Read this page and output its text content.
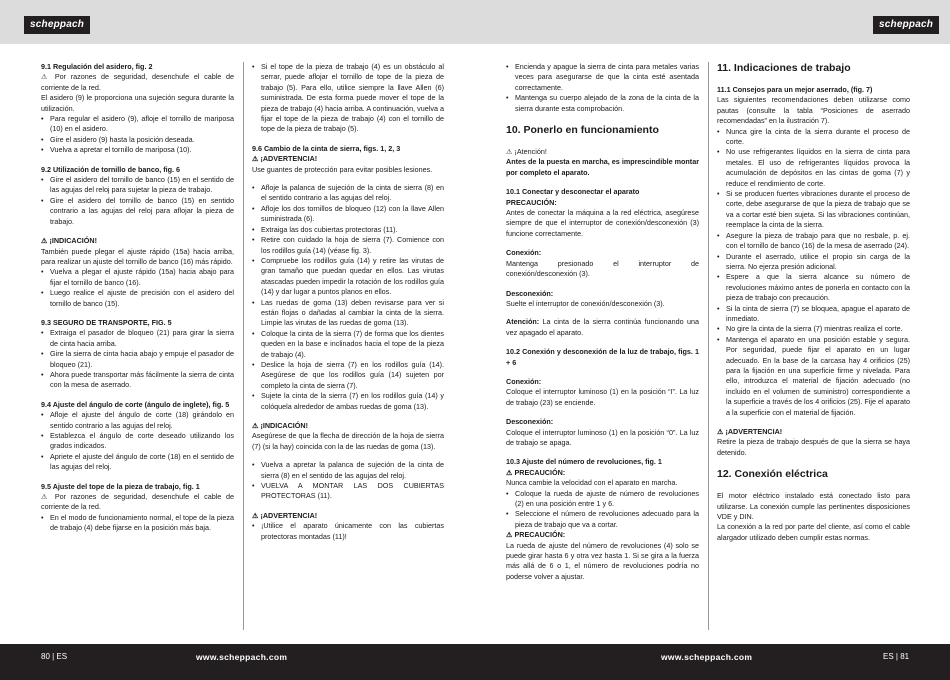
scheppach	scheppach

9.1 Regulación del asidero, fig. 2

⚠ Por razones de seguridad, desenchufe el cable de corriente de la red.

El asidero (9) le proporciona una sujeción segura durante la utilización.

• Para regular el asidero (9), afloje el tornillo de mariposa (10) en el asidero.
• Gire el asidero (9) hasta la posición deseada.
• Vuelva a apretar el tornillo de mariposa (10).

9.2 Utilización de tornillo de banco, fig. 6

• Gire el asidero del tornillo de banco (15) en el sentido de las agujas del reloj para sujetar la pieza de trabajo.
• Gire el asidero del tornillo de banco (15) en sentido contrario a las agujas del reloj para aflojar la pieza de trabajo.

⚠ ¡INDICACIÓN!

También puede plegar el ajuste rápido (15a) hacia arriba, para realizar un ajuste del tornillo de banco (16) más rápido.

• Vuelva a plegar el ajuste rápido (15a) hacia abajo para fijar el tornillo de banco (16).
• Luego realice el ajuste de precisión con el asidero del tornillo de banco (15).

9.3 SEGURO DE TRANSPORTE, FIG. 5

• Extraiga el pasador de bloqueo (21) para girar la sierra de cinta hacia arriba.
• Gire la sierra de cinta hacia abajo y empuje el pasador de bloqueo (21).
• Ahora puede transportar más fácilmente la sierra de cinta con la mesa de aserrado.

9.4 Ajuste del ángulo de corte (ángulo de inglete), fig. 5

• Afloje el ajuste del ángulo de corte (18) girándolo en sentido contrario a las agujas del reloj.
• Establezca el ángulo de corte deseado utilizando los grados indicados.
• Apriete el ajuste del ángulo de corte (18) en el sentido de las agujas del reloj.

9.5 Ajuste del tope de la pieza de trabajo, fig. 1

⚠ Por razones de seguridad, desenchufe el cable de corriente de la red.

• En el modo de funcionamiento normal, el tope de la pieza de trabajo (4) debe fijarse en la posición más baja.
• Si el tope de la pieza de trabajo (4) es un obstáculo al serrar, puede aflojar el tornillo de tope de la pieza de trabajo (5). Para ello, utilice siempre la llave Allen (6) suministrada. De esta forma puede mover el tope de la pieza de trabajo (4) hacia arriba. A continuación, vuelva a fijar el tope de la pieza de trabajo (4) con el tornillo de tope de la pieza de trabajo (5).

9.6 Cambio de la cinta de sierra, figs. 1, 2, 3

⚠ ¡ADVERTENCIA!

Use guantes de protección para evitar posibles lesiones.

• Afloje la palanca de sujeción de la cinta de sierra (8) en el sentido contrario a las agujas del reloj.
• Afloje los dos tornillos de bloqueo (12) con la llave Allen suministrada (6).
• Extraiga las dos cubiertas protectoras (11).
• Retire con cuidado la hoja de sierra (7). Comience con los rodillos guía (14) (véase fig. 3).
• Compruebe los rodillos guía (14) y retire las virutas de gran tamaño que puedan quedar en ellos. Las virutas atascadas pueden impedir la rotación de los rodillos guía (14) y dar lugar a puntos planos en ellos.
• Las ruedas de goma (13) deben revisarse para ver si están flojas o dañadas al cambiar la cinta de la sierra. Limpie las virutas de las ruedas de goma (13).
• Coloque la cinta de la sierra (7) de forma que los dientes queden en la base e inclinados hacia el tope de la pieza de trabajo (4).
• Deslice la hoja de sierra (7) en los rodillos guía (14). Asegúrese de que los rodillos guía (14) sujeten por completo la cinta de sierra (7).
• Sujete la cinta de la sierra (7) en los rodillos guía (14) y colóquela alrededor de ambas ruedas de goma (13).

⚠ ¡INDICACIÓN!

Asegúrese de que la flecha de dirección de la hoja de sierra (7) (si la hay) coincida con la de las ruedas de goma (13).

• Vuelva a apretar la palanca de sujeción de la cinta de sierra (8) en el sentido de las agujas del reloj.
• VUELVA A MONTAR LAS DOS CUBIERTAS PROTECTORAS (11).

⚠ ¡ADVERTENCIA!

• ¡Utilice el aparato únicamente con las cubiertas protectoras montadas (11)!
• Encienda y apague la sierra de cinta para metales varias veces para asegurarse de que la cinta esté asentada correctamente.
• Mantenga su cuerpo alejado de la zona de la cinta de la sierra durante esta comprobación.

10. Ponerlo en funcionamiento

⚠ ¡Atención!

Antes de la puesta en marcha, es imprescindible montar por completo el aparato.

10.1 Conectar y desconectar el aparato

PRECAUCIÓN:

Antes de conectar la máquina a la red eléctrica, asegúrese siempre de que el interruptor de conexión/desconexión (3) funcione correctamente.

Conexión:

Mantenga presionado el interruptor de conexión/desconexión (3).

Desconexión:

Suelte el interruptor de conexión/desconexión (3).

Atención: La cinta de la sierra continúa funcionando una vez apagado el aparato.

10.2 Conexión y desconexión de la luz de trabajo, figs. 1 + 6

Conexión:

Coloque el interruptor luminoso (1) en la posición “I”. La luz de trabajo (23) se enciende.

Desconexión:

Coloque el interruptor luminoso (1) en la posición “0”. La luz de trabajo se apaga.

10.3 Ajuste del número de revoluciones, fig. 1

⚠ PRECAUCIÓN:

Nunca cambie la velocidad con el aparato en marcha.

• Coloque la rueda de ajuste de número de revoluciones (2) en una posición entre 1 y 6.
• Seleccione el número de revoluciones adecuado para la pieza de trabajo que va a cortar.

⚠ PRECAUCIÓN:

La rueda de ajuste del número de revoluciones (4) solo se puede girar hasta 6 y otra vez hasta 1. Si se gira a la fuerza más allá de 6 o 1, el número de revoluciones podría no poderse volver a ajustar.

11. Indicaciones de trabajo

11.1 Consejos para un mejor aserrado, (fig. 7)

Las siguientes recomendaciones deben utilizarse como pautas (consulte la tabla “Posiciones de aserrado recomendadas” en la ilustración 7).

• Nunca gire la cinta de la sierra durante el proceso de corte.
• No use refrigerantes líquidos en la sierra de cinta para metales. El uso de refrigerantes líquidos provoca la acumulación de depósitos en las cintas de goma (7) y reduce el rendimiento de corte.
• Si se producen fuertes vibraciones durante el proceso de corte, debe asegurarse de que la pieza de trabajo que se va a cortar esté bien sujeta. Si las vibraciones continúan, reemplace la cinta de la sierra.
• Asegure la pieza de trabajo para que no resbale, p. ej. con el tornillo de banco (16) de la mesa de aserrado (24).
• Durante el aserrado, utilice el propio sin carga de la sierra. No ejerza presión adicional.
• Espere a que la sierra alcance su número de revoluciones máximo antes de ponerla en contacto con la pieza de trabajo con precaución.
• Si la cinta de sierra (7) se bloquea, apague el aparato de inmediato.
• No gire la cinta de la sierra (7) mientras realiza el corte.
• Mantenga el aparato en una posición estable y segura. Por seguridad, puede fijar el aparato en un lugar adecuado. En la base de la carcasa hay 4 orificios (25) para la fijación en una superficie firme y nivelada. Para ello, introduzca el material de fijación adecuado (no incluido en el volumen de suministro) correspondiente a la superficie a través de los 4 orificios (25). Fije el aparato a la superficie con el material de fijación.

⚠ ¡ADVERTENCIA!

Retire la pieza de trabajo después de que la sierra se haya detenido.

12. Conexión eléctrica

El motor eléctrico instalado está conectado listo para utilizarse. La conexión cumple las pertinentes disposiciones VDE y DIN.

La conexión a la red por parte del cliente, así como el cable alargador utilizado deben cumplir estas normas.

80 | ES	www.scheppach.com	www.scheppach.com	ES | 81
